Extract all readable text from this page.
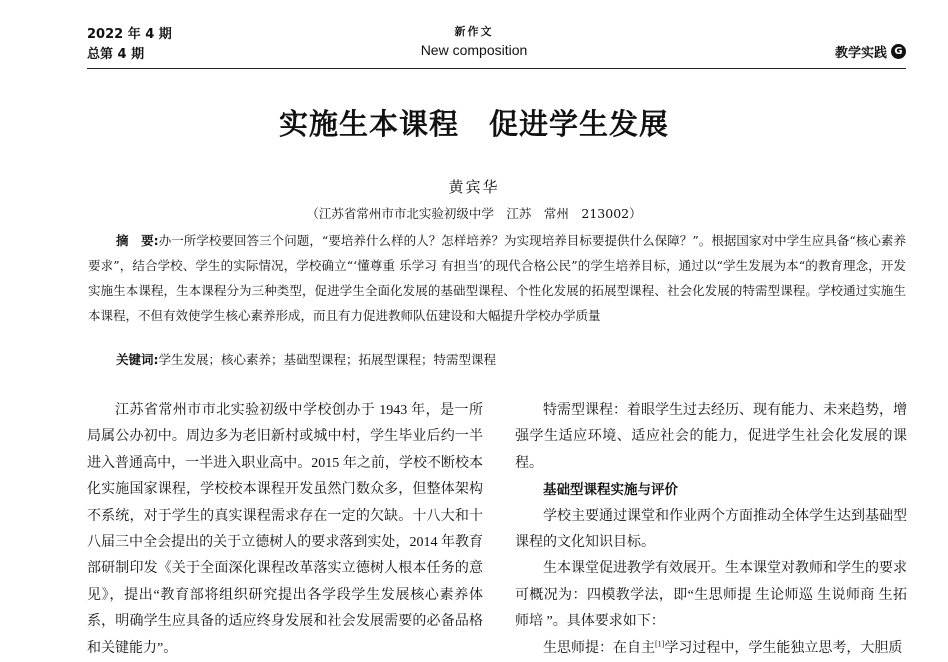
2022 年 4 期
总第 4 期
新作文
New composition	教学实践 G
实施生本课程　促进学生发展
黄宾华
（江苏省常州市市北实验初级中学　江苏　常州　213002）
摘　要:办一所学校要回答三个问题，“要培养什么样的人？怎样培养？为实现培养目标要提供什么保障？”。根据国家对中学生应具备“核心素养要求”，结合学校、学生的实际情况，学校确立“‘懂尊重 乐学习 有担当’的现代合格公民”的学生培养目标，通过以“学生发展为本“的教育理念，开发实施生本课程，生本课程分为三种类型，促进学生全面化发展的基础型课程、个性化发展的拓展型课程、社会化发展的特需型课程。学校通过实施生本课程，不但有效使学生核心素养形成，而且有力促进教师队伍建设和大幅提升学校办学质量
关键词:学生发展；核心素养；基础型课程；拓展型课程；特需型课程

江苏省常州市市北实验初级中学校创办于 1943 年，是一所局属公办初中。周边多为老旧新村或城中村，学生毕业后约一半进入普通高中，一半进入职业高中。2015 年之前，学校不断校本化实施国家课程，学校校本课程开发虽然门数众多，但整体架构不系统，对于学生的真实课程需求存在一定的欠缺。十八大和十八届三中全会提出的关于立德树人的要求落到实处，2014 年教育部研制印发《关于全面深化课程改革落实立德树人根本任务的意见》，提出“教育部将组织研究提出各学段学生发展核心素养体系，明确学生应具备的适应终身发展和社会发展需要的必备品格和关键能力”。

特需型课程：着眼学生过去经历、现有能力、未来趋势，增强学生适应环境、适应社会的能力，促进学生社会化发展的课程。

基础型课程实施与评价

学校主要通过课堂和作业两个方面推动全体学生达到基础型课程的文化知识目标。

生本课堂促进教学有效展开。生本课堂对教师和学生的要求可概况为：四模教学法，即“生思师提 生论师巡 生说师商 生拓师培 ”。具体要求如下：

生思师提：在自主[1]学习过程中，学生能独立思考，大胆质
